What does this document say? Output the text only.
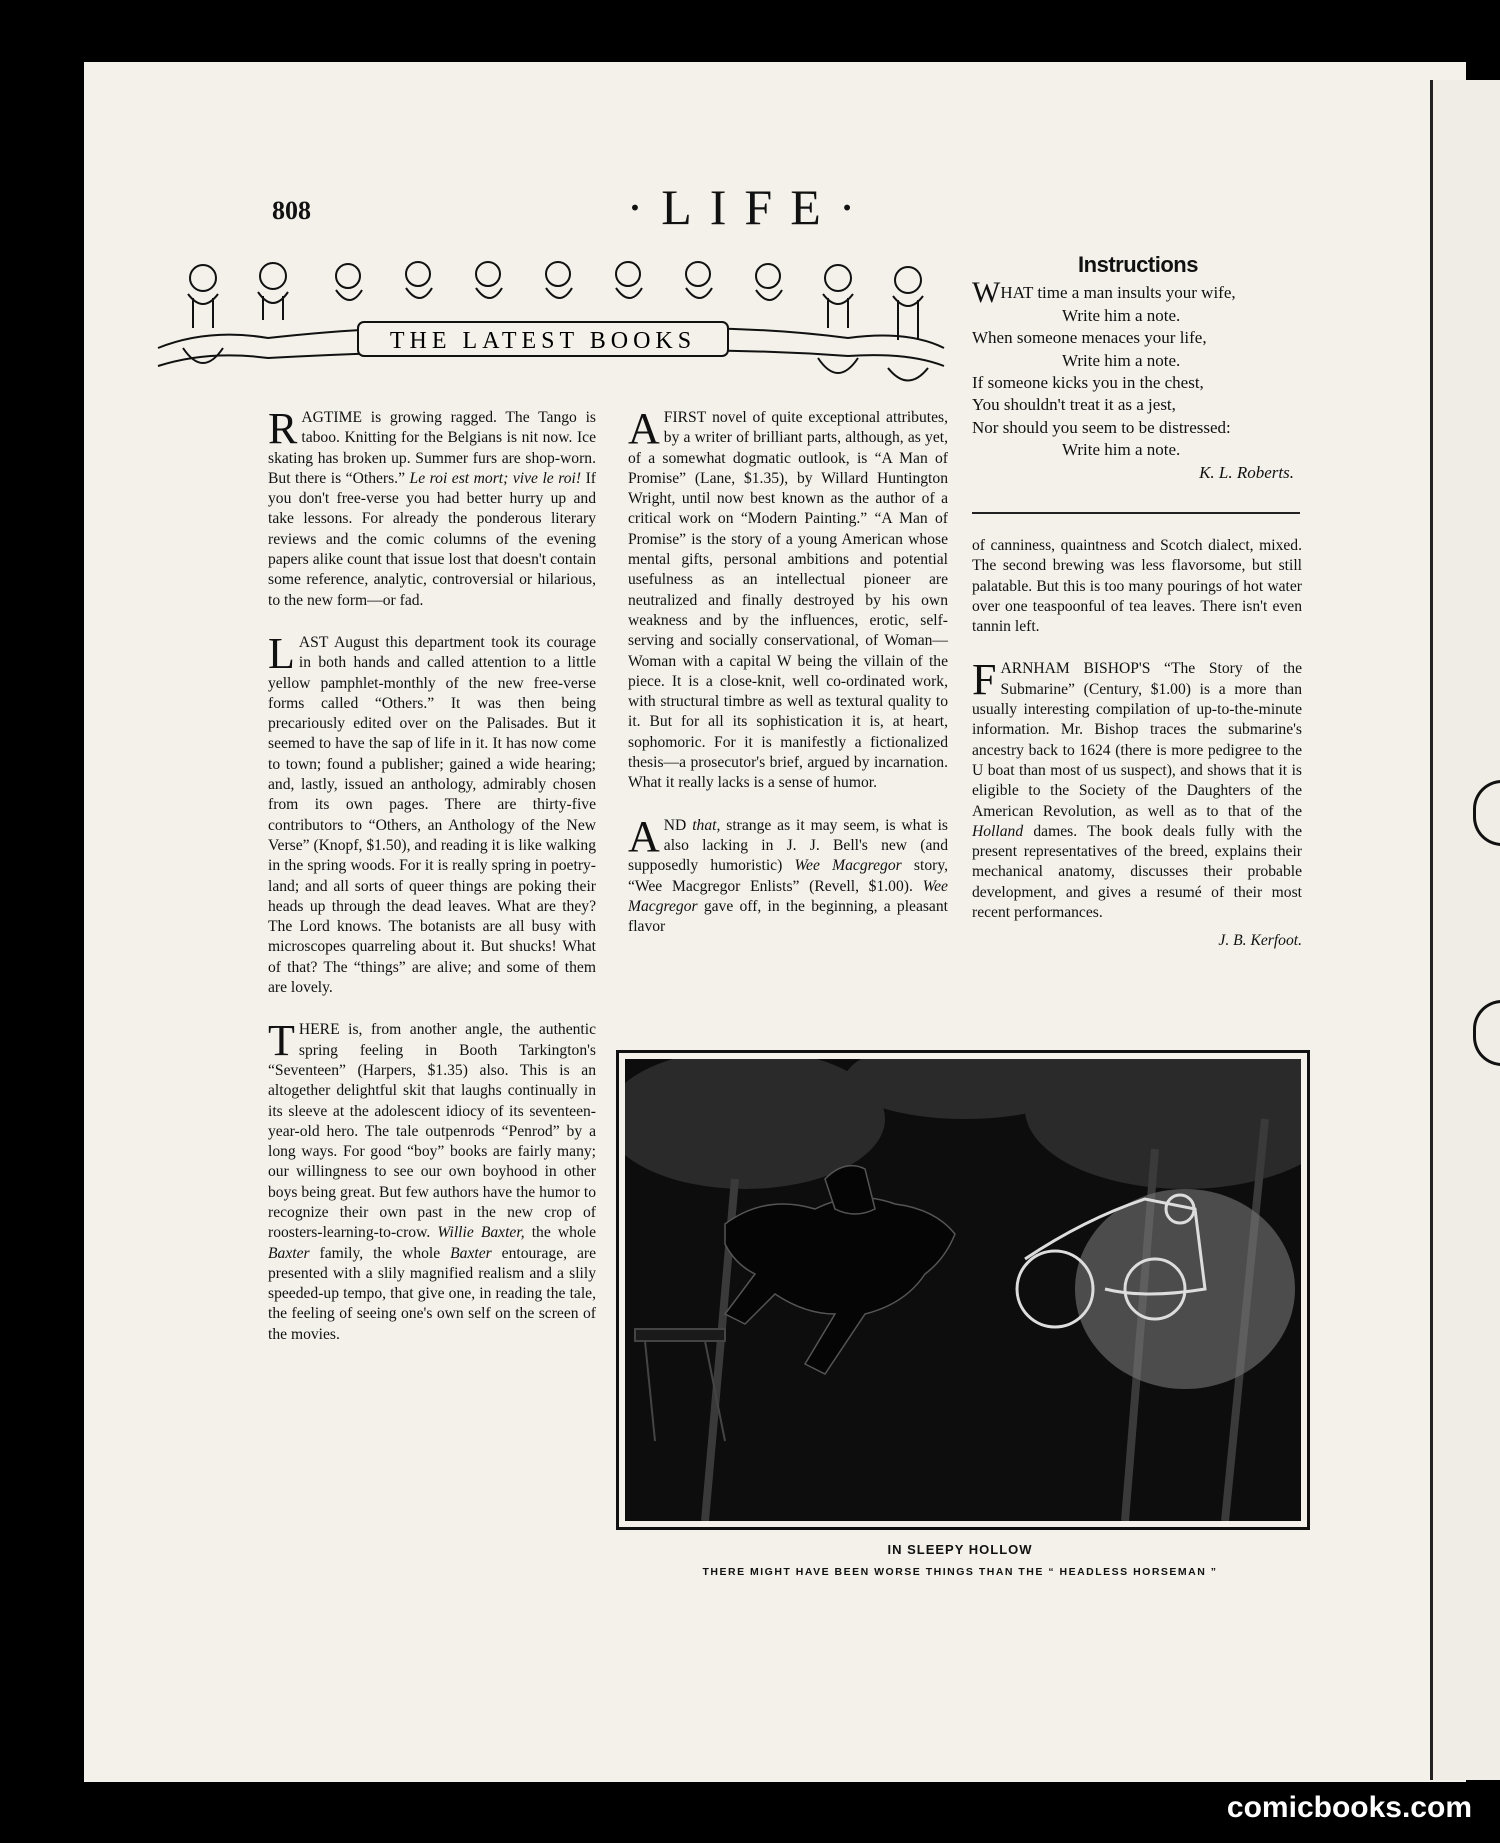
808	·LIFE·
THE LATEST BOOKS

RAGTIME is growing ragged. The Tango is taboo. Knitting for the Belgians is nit now. Ice skating has broken up. Summer furs are shop-worn. But there is “Others.” Le roi est mort; vive le roi! If you don't free-verse you had better hurry up and take lessons. For already the ponderous literary reviews and the comic columns of the evening papers alike count that issue lost that doesn't contain some reference, analytic, controversial or hilarious, to the new form—or fad.

LAST August this department took its courage in both hands and called attention to a little yellow pamphlet-monthly of the new free-verse forms called “Others.” It was then being precariously edited over on the Palisades. But it seemed to have the sap of life in it. It has now come to town; found a publisher; gained a wide hearing; and, lastly, issued an anthology, admirably chosen from its own pages. There are thirty-five contributors to “Others, an Anthology of the New Verse” (Knopf, $1.50), and reading it is like walking in the spring woods. For it is really spring in poetry-land; and all sorts of queer things are poking their heads up through the dead leaves. What are they? The Lord knows. The botanists are all busy with microscopes quarreling about it. But shucks! What of that? The “things” are alive; and some of them are lovely.

THERE is, from another angle, the authentic spring feeling in Booth Tarkington's “Seventeen” (Harpers, $1.35) also. This is an altogether delightful skit that laughs continually in its sleeve at the adolescent idiocy of its seventeen-year-old hero. The tale outpenrods “Penrod” by a long ways. For good “boy” books are fairly many; our willingness to see our own boyhood in other boys being great. But few authors have the humor to recognize their own past in the new crop of roosters-learning-to-crow. Willie Baxter, the whole Baxter family, the whole Baxter entourage, are presented with a slily magnified realism and a slily speeded-up tempo, that give one, in reading the tale, the feeling of seeing one's own self on the screen of the movies.

AFIRST novel of quite exceptional attributes, by a writer of brilliant parts, although, as yet, of a somewhat dogmatic outlook, is “A Man of Promise” (Lane, $1.35), by Willard Huntington Wright, until now best known as the author of a critical work on “Modern Painting.” “A Man of Promise” is the story of a young American whose mental gifts, personal ambitions and potential usefulness as an intellectual pioneer are neutralized and finally destroyed by his own weakness and by the influences, erotic, self-serving and socially conservational, of Woman—Woman with a capital W being the villain of the piece. It is a close-knit, well co-ordinated work, with structural timbre as well as textural quality to it. But for all its sophistication it is, at heart, sophomoric. For it is manifestly a fictionalized thesis—a prosecutor's brief, argued by incarnation. What it really lacks is a sense of humor.

AND that, strange as it may seem, is what is also lacking in J. J. Bell's new (and supposedly humoristic) Wee Macgregor story, “Wee Macgregor Enlists” (Revell, $1.00). Wee Macgregor gave off, in the beginning, a pleasant flavor

Instructions
WHAT time a man insults your wife,
Write him a note.
When someone menaces your life,
Write him a note.
If someone kicks you in the chest,
You shouldn't treat it as a jest,
Nor should you seem to be distressed:
Write him a note.
K. L. Roberts.

of canniness, quaintness and Scotch dialect, mixed. The second brewing was less flavorsome, but still palatable. But this is too many pourings of hot water over one teaspoonful of tea leaves. There isn't even tannin left.

FARNHAM BISHOP'S “The Story of the Submarine” (Century, $1.00) is a more than usually interesting compilation of up-to-the-minute information. Mr. Bishop traces the submarine's ancestry back to 1624 (there is more pedigree to the U boat than most of us suspect), and shows that it is eligible to the Society of the Daughters of the American Revolution, as well as to that of the Holland dames. The book deals fully with the present representatives of the breed, explains their mechanical anatomy, discusses their probable development, and gives a resumé of their most recent performances.

J. B. Kerfoot.
IN SLEEPY HOLLOW
THERE MIGHT HAVE BEEN WORSE THINGS THAN THE “ HEADLESS HORSEMAN ”
comicbooks.com
